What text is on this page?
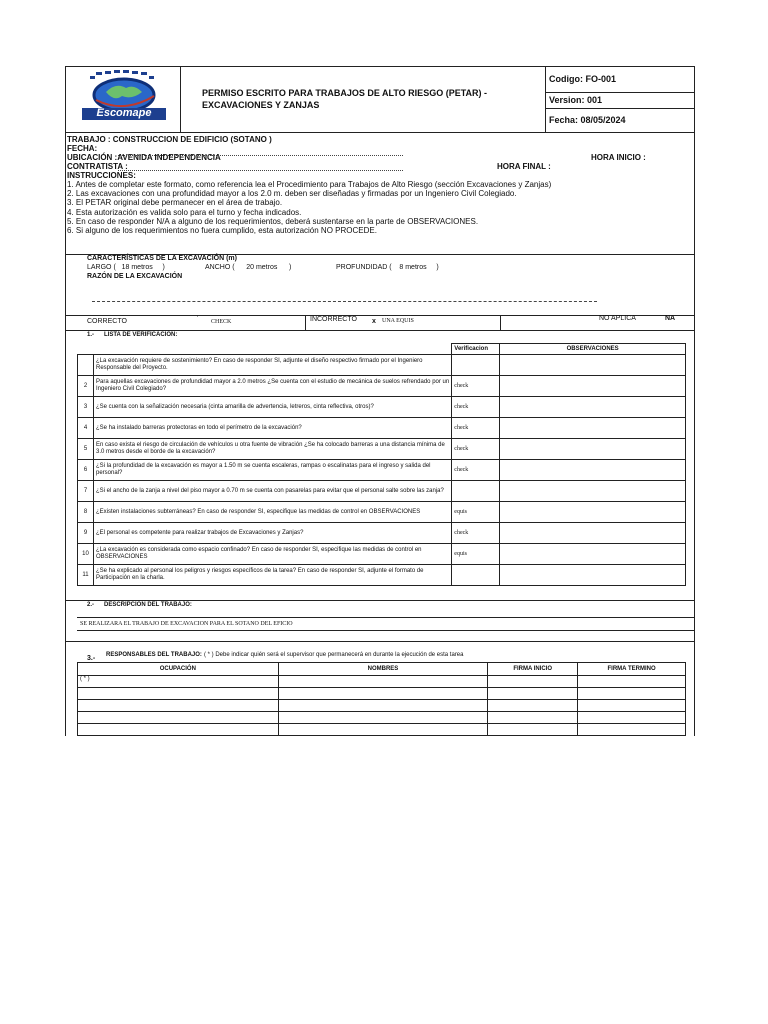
Escomape
PERMISO ESCRITO PARA TRABAJOS DE ALTO RIESGO (PETAR) -
EXCAVACIONES Y ZANJAS
Codigo: FO-001
Version: 001
Fecha: 08/05/2024
TRABAJO : CONSTRUCCION DE EDIFICIO (SOTANO )
FECHA:
UBICACIÓN :AVENIDA INDEPENDENCIA	HORA INICIO :
CONTRATISTA :	HORA FINAL :
INSTRUCCIONES:
1. Antes de completar este formato, como referencia lea el Procedimiento para Trabajos de Alto Riesgo (sección Excavaciones y Zanjas)
2. Las excavaciones con una profundidad mayor a los 2.0 m. deben ser diseñadas y firmadas por un Ingeniero Civil Colegiado.
3. El PETAR original debe permanecer en el área de trabajo.
4. Esta autorización es valida solo para el turno y fecha indicados.
5. En caso de responder N/A a alguno de los requerimientos, deberá sustentarse en la parte de OBSERVACIONES.
6. Si alguno de los requerimientos no fuera cumplido, esta autorización NO PROCEDE.
CARACTERÍSTICAS DE LA EXCAVACIÓN (m)
LARGO (   18 metros     )	ANCHO (      20 metros      )	PROFUNDIDAD (    8 metros     )
RAZÓN DE LA EXCAVACIÓN
CORRECTO	' CHECK	INCORRECTO x UNA EQUIS	NO APLICA	NA
1.- LISTA DE VERIFICACIÓN:
		Verificacion	OBSERVACIONES
	¿La excavación requiere de sostenimiento? En caso de responder SI, adjunte el diseño respectivo firmado por el Ingeniero Responsable del Proyecto.		
2	Para aquellas excavaciones de profundidad mayor a 2.0 metros ¿Se cuenta con el estudio de mecánica de suelos refrendado por un Ingeniero Civil Colegiado?	check	
3	¿Se cuenta con la señalización necesaria (cinta amarilla de advertencia, letreros, cinta reflectiva, otros)?	check	
4	¿Se ha instalado barreras protectoras en todo el perímetro de la excavación?	check	
5	En caso exista el riesgo de circulación de vehículos u otra fuente de vibración ¿Se ha colocado barreras a una distancia mínima de 3.0 metros desde el borde de la excavación?	check	
6	¿Si la profundidad de la excavación es mayor a 1.50 m se cuenta escaleras, rampas o escalinatas para el ingreso y salida del personal?	check	
7	¿Si el ancho de la zanja a nivel del piso mayor a 0.70 m se cuenta con pasarelas para evitar que el personal salte sobre las zanja?		
8	¿Existen instalaciones subterráneas? En caso de responder SI, especifique las medidas de control en OBSERVACIONES	equis	
9	¿El personal es competente para realizar trabajos de Excavaciones y Zanjas?	check	
10	¿La excavación es considerada como espacio confinado? En caso de responder SI, especifique las medidas de control en OBSERVACIONES	equis	
11	¿Se ha explicado al personal los peligros y riesgos específicos de la tarea? En caso de responder SI, adjunte el formato de Participación en la charla.		
2.- DESCRIPCIÓN DEL TRABAJO:
SE REALIZARA EL TRABAJO DE EXCAVACION PARA EL SOTANO DEL EFICIO
3.- RESPONSABLES DEL TRABAJO: ( * ) Debe indicar quién será el supervisor que permanecerá en durante la ejecución de esta tarea
OCUPACIÓN	NOMBRES	FIRMA INICIO	FIRMA TERMINO
( * )			
